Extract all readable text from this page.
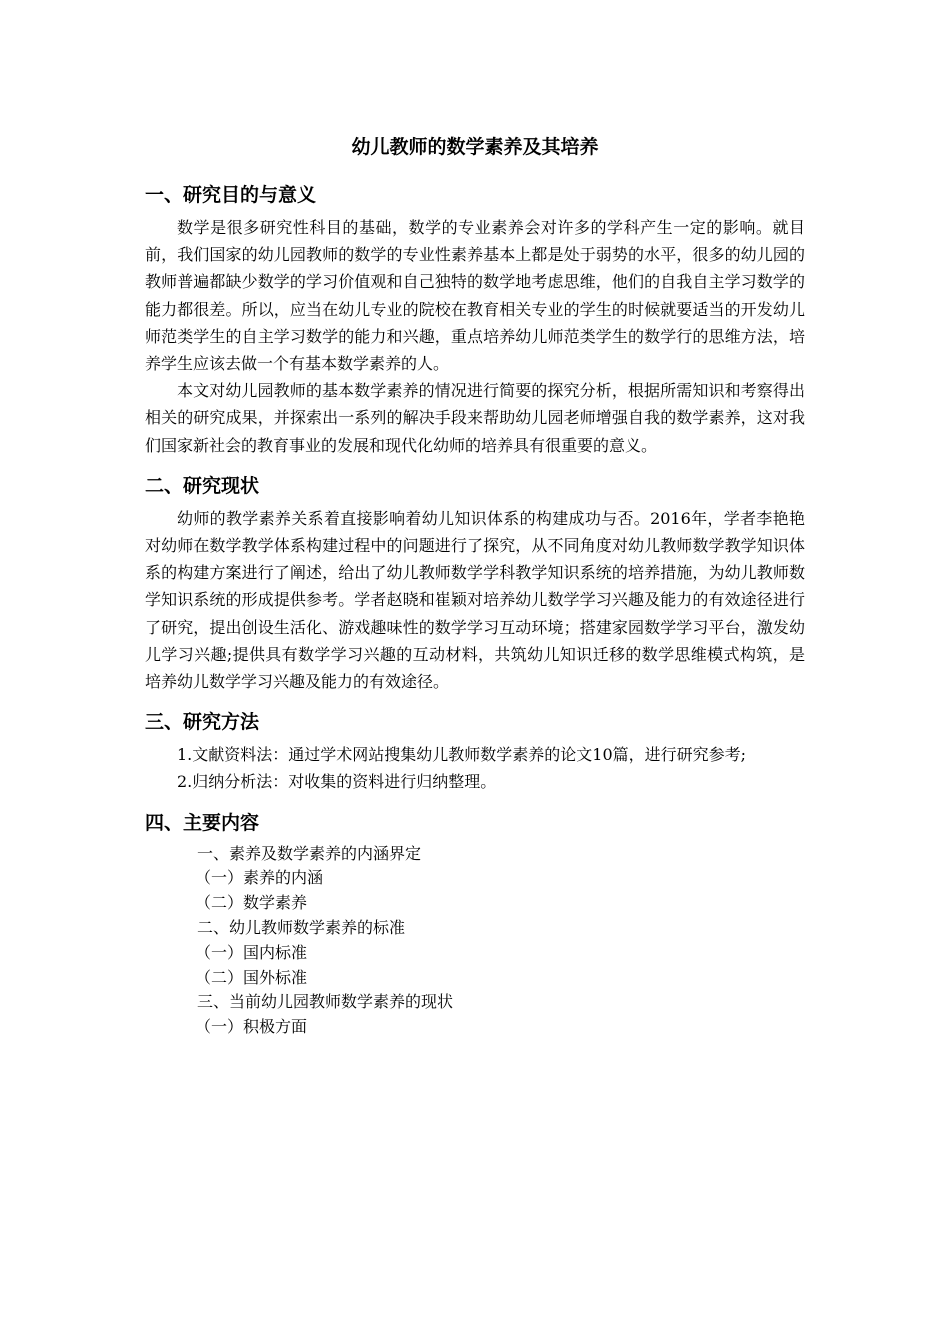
幼儿教师的数学素养及其培养
一、研究目的与意义

数学是很多研究性科目的基础，数学的专业素养会对许多的学科产生一定的影响。就目前，我们国家的幼儿园教师的数学的专业性素养基本上都是处于弱势的水平，很多的幼儿园的教师普遍都缺少数学的学习价值观和自己独特的数学地考虑思维，他们的自我自主学习数学的能力都很差。所以，应当在幼儿专业的院校在教育相关专业的学生的时候就要适当的开发幼儿师范类学生的自主学习数学的能力和兴趣，重点培养幼儿师范类学生的数学行的思维方法，培养学生应该去做一个有基本数学素养的人。

本文对幼儿园教师的基本数学素养的情况进行简要的探究分析，根据所需知识和考察得出相关的研究成果，并探索出一系列的解决手段来帮助幼儿园老师增强自我的数学素养，这对我们国家新社会的教育事业的发展和现代化幼师的培养具有很重要的意义。

二、研究现状

幼师的教学素养关系着直接影响着幼儿知识体系的构建成功与否。2016年，学者李艳艳对幼师在数学教学体系构建过程中的问题进行了探究，从不同角度对幼儿教师数学教学知识体系的构建方案进行了阐述，给出了幼儿教师数学学科教学知识系统的培养措施，为幼儿教师数学知识系统的形成提供参考。学者赵晓和崔颖对培养幼儿数学学习兴趣及能力的有效途径进行了研究，提出创设生活化、游戏趣味性的数学学习互动环境；搭建家园数学学习平台，激发幼儿学习兴趣;提供具有数学学习兴趣的互动材料，共筑幼儿知识迁移的数学思维模式构筑，是培养幼儿数学学习兴趣及能力的有效途径。

三、研究方法

1.文献资料法：通过学术网站搜集幼儿教师数学素养的论文10篇，进行研究参考;

2.归纳分析法：对收集的资料进行归纳整理。

四、主要内容
一、素养及数学素养的内涵界定
（一）素养的内涵
（二）数学素养
二、幼儿教师数学素养的标准
（一）国内标准
（二）国外标准
三、当前幼儿园教师数学素养的现状
（一）积极方面
